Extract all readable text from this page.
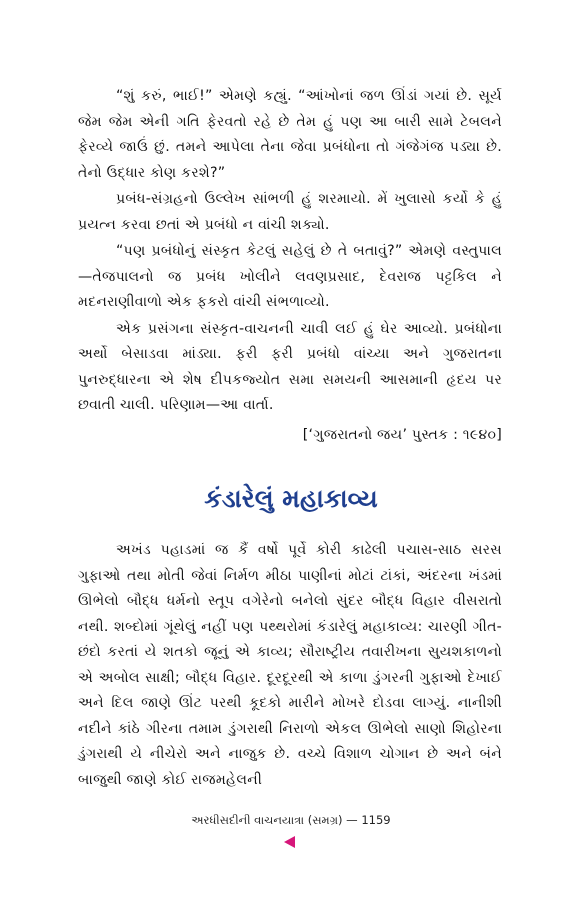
“શું કરું, ભાઈ!” એમણે કહ્યું. “આંખોનાં જળ ઊંડાં ગયાં છે. સૂર્ય જેમ જેમ એની ગતિ ફેરવતો રહે છે તેમ હું પણ આ બારી સામે ટેબલને ફેરવ્યે જાઉં છું. તમને આપેલા તેના જેવા પ્રબંધોના તો ગંજેગંજ પડ્યા છે. તેનો ઉદ્ધાર કોણ કરશે?”

પ્રબંધ-સંગ્રહનો ઉલ્લેખ સાંભળી હું શરમાયો. મેં ખુલાસો કર્યો કે હું પ્રયત્ન કરવા છતાં એ પ્રબંધો ન વાંચી શક્યો.

“પણ પ્રબંધોનું સંસ્કૃત કેટલું સહેલું છે તે બતાવું?” એમણે વસ્તુપાલ—તેજપાલનો જ પ્રબંધ ખોલીને લવણપ્રસાદ, દેવરાજ પટ્ટકિલ ને મદનરાણીવાળો એક ફકરો વાંચી સંભળાવ્યો.

એક પ્રસંગના સંસ્કૃત-વાચનની ચાવી લઈ હું ઘેર આવ્યો. પ્રબંધોના અર્થો બેસાડવા માંડ્યા. ફરી ફરી પ્રબંધો વાંચ્યા અને ગુજરાતના પુનરુદ્ધારના એ શેષ દીપકજ્યોત સમા સમયની આસમાની હૃદય પર છવાતી ચાલી. પરિણામ—આ વાર્તા.

[‘ગુજરાતનો જય’ પુસ્તક : ૧૯૪૦]
કંડારેલું મહાકાવ્ય

અખંડ પહાડમાં જ કૈં વર્ષો પૂર્વે કોરી કાઢેલી પચાસ-સાઠ સરસ ગુફાઓ તથા મોતી જેવાં નિર્મળ મીઠા પાણીનાં મોટાં ટાંકાં, અંદરના ખંડમાં ઊભેલો બૌદ્ધ ધર્મનો સ્તૂપ વગેરેનો બનેલો સુંદર બૌદ્ધ વિહાર વીસરાતો નથી. શબ્દોમાં ગૂંથેલું નહીં પણ પથ્થરોમાં કંડારેલું મહાકાવ્ય: ચારણી ગીત-છંદો કરતાં યે શતકો જૂનું એ કાવ્ય; સૌરાષ્ટ્રીય તવારીખના સુયશકાળનો એ અબોલ સાક્ષી; બૌદ્ધ વિહાર. દૂરદૂરથી એ કાળા ડુંગરની ગુફાઓ દેખાઈ અને દિલ જાણે ઊંટ પરથી કૂદકો મારીને મોખરે દોડવા લાગ્યું. નાનીશી નદીને કાંઠે ગીરના તમામ ડુંગરાથી નિરાળો એકલ ઊભેલો સાણો શિહોરના ડુંગરાથી યે નીચેરો અને નાજુક છે. વચ્ચે વિશાળ ચોગાન છે અને બંને બાજુથી જાણે કોઈ રાજમહેલની

અરધીસદીની વાચનયાત્રા (સમગ્ર) — 1159
